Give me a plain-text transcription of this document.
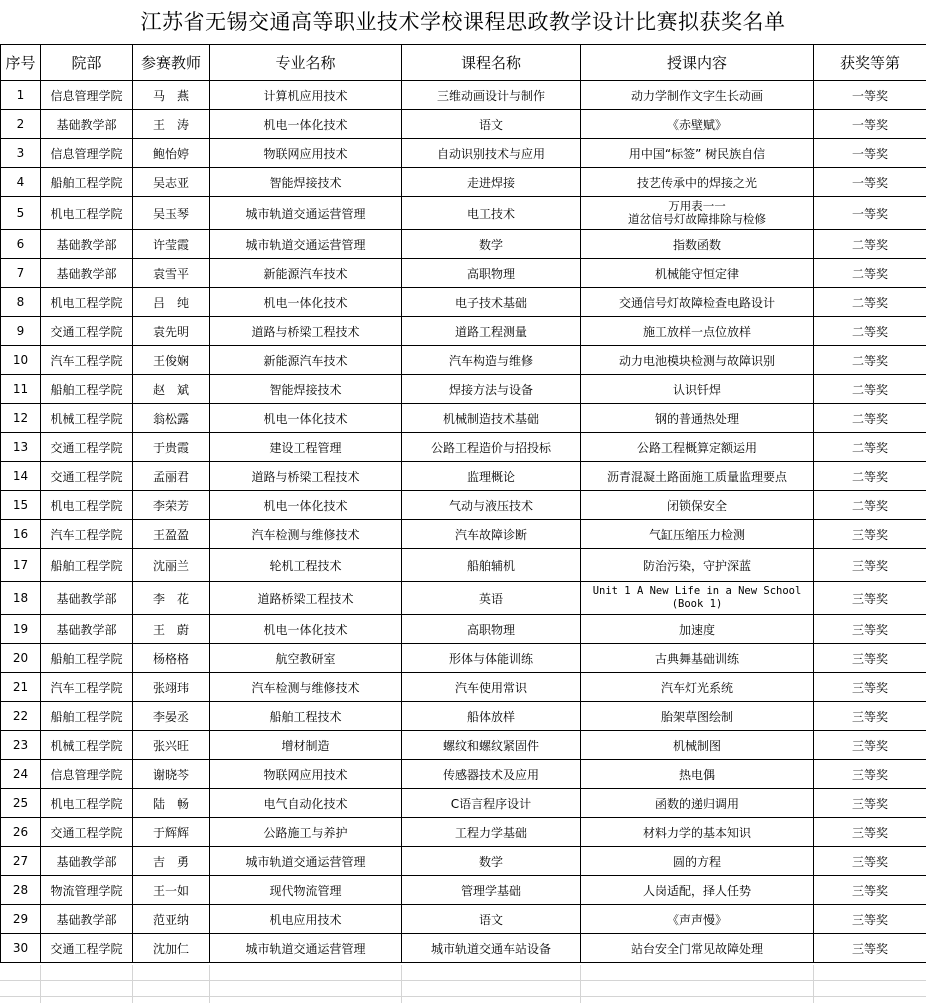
江苏省无锡交通高等职业技术学校课程思政教学设计比赛拟获奖名单
序号	院部	参赛教师	专业名称	课程名称	授课内容	获奖等第
1	信息管理学院	马　燕	计算机应用技术	三维动画设计与制作	动力学制作文字生长动画	一等奖
2	基础教学部	王　涛	机电一体化技术	语文	《赤壁赋》	一等奖
3	信息管理学院	鲍怡婷	物联网应用技术	自动识别技术与应用	用中国“标签” 树民族自信	一等奖
4	船舶工程学院	吴志亚	智能焊接技术	走进焊接	技艺传承中的焊接之光	一等奖
5	机电工程学院	吴玉琴	城市轨道交通运营管理	电工技术	万用表一一
道岔信号灯故障排除与检修	一等奖
6	基础教学部	许莹霞	城市轨道交通运营管理	数学	指数函数	二等奖
7	基础教学部	袁雪平	新能源汽车技术	高职物理	机械能守恒定律	二等奖
8	机电工程学院	吕　纯	机电一体化技术	电子技术基础	交通信号灯故障检查电路设计	二等奖
9	交通工程学院	袁先明	道路与桥梁工程技术	道路工程测量	施工放样一点位放样	二等奖
10	汽车工程学院	王俊娴	新能源汽车技术	汽车构造与维修	动力电池模块检测与故障识别	二等奖
11	船舶工程学院	赵　斌	智能焊接技术	焊接方法与设备	认识钎焊	二等奖
12	机械工程学院	翁松露	机电一体化技术	机械制造技术基础	钢的普通热处理	二等奖
13	交通工程学院	于贵霞	建设工程管理	公路工程造价与招投标	公路工程概算定额运用	二等奖
14	交通工程学院	孟丽君	道路与桥梁工程技术	监理概论	沥青混凝土路面施工质量监理要点	二等奖
15	机电工程学院	李荣芳	机电一体化技术	气动与液压技术	闭锁保安全	二等奖
16	汽车工程学院	王盈盈	汽车检测与维修技术	汽车故障诊断	气缸压缩压力检测	三等奖
17	船舶工程学院	沈丽兰	轮机工程技术	船舶辅机	防治污染，守护深蓝	三等奖
18	基础教学部	李　花	道路桥梁工程技术	英语	Unit 1 A New Life in a New School
(Book 1)	三等奖
19	基础教学部	王　蔚	机电一体化技术	高职物理	加速度	三等奖
20	船舶工程学院	杨格格	航空教研室	形体与体能训练	古典舞基础训练	三等奖
21	汽车工程学院	张翊玮	汽车检测与维修技术	汽车使用常识	汽车灯光系统	三等奖
22	船舶工程学院	李晏丞	船舶工程技术	船体放样	胎架草图绘制	三等奖
23	机械工程学院	张兴旺	增材制造	螺纹和螺纹紧固件	机械制图	三等奖
24	信息管理学院	谢晓芩	物联网应用技术	传感器技术及应用	热电偶	三等奖
25	机电工程学院	陆　畅	电气自动化技术	C语言程序设计	函数的递归调用	三等奖
26	交通工程学院	于辉辉	公路施工与养护	工程力学基础	材料力学的基本知识	三等奖
27	基础教学部	吉　勇	城市轨道交通运营管理	数学	圆的方程	三等奖
28	物流管理学院	王一如	现代物流管理	管理学基础	人岗适配，择人任势	三等奖
29	基础教学部	范亚纳	机电应用技术	语文	《声声慢》	三等奖
30	交通工程学院	沈加仁	城市轨道交通运营管理	城市轨道交通车站设备	站台安全门常见故障处理	三等奖
